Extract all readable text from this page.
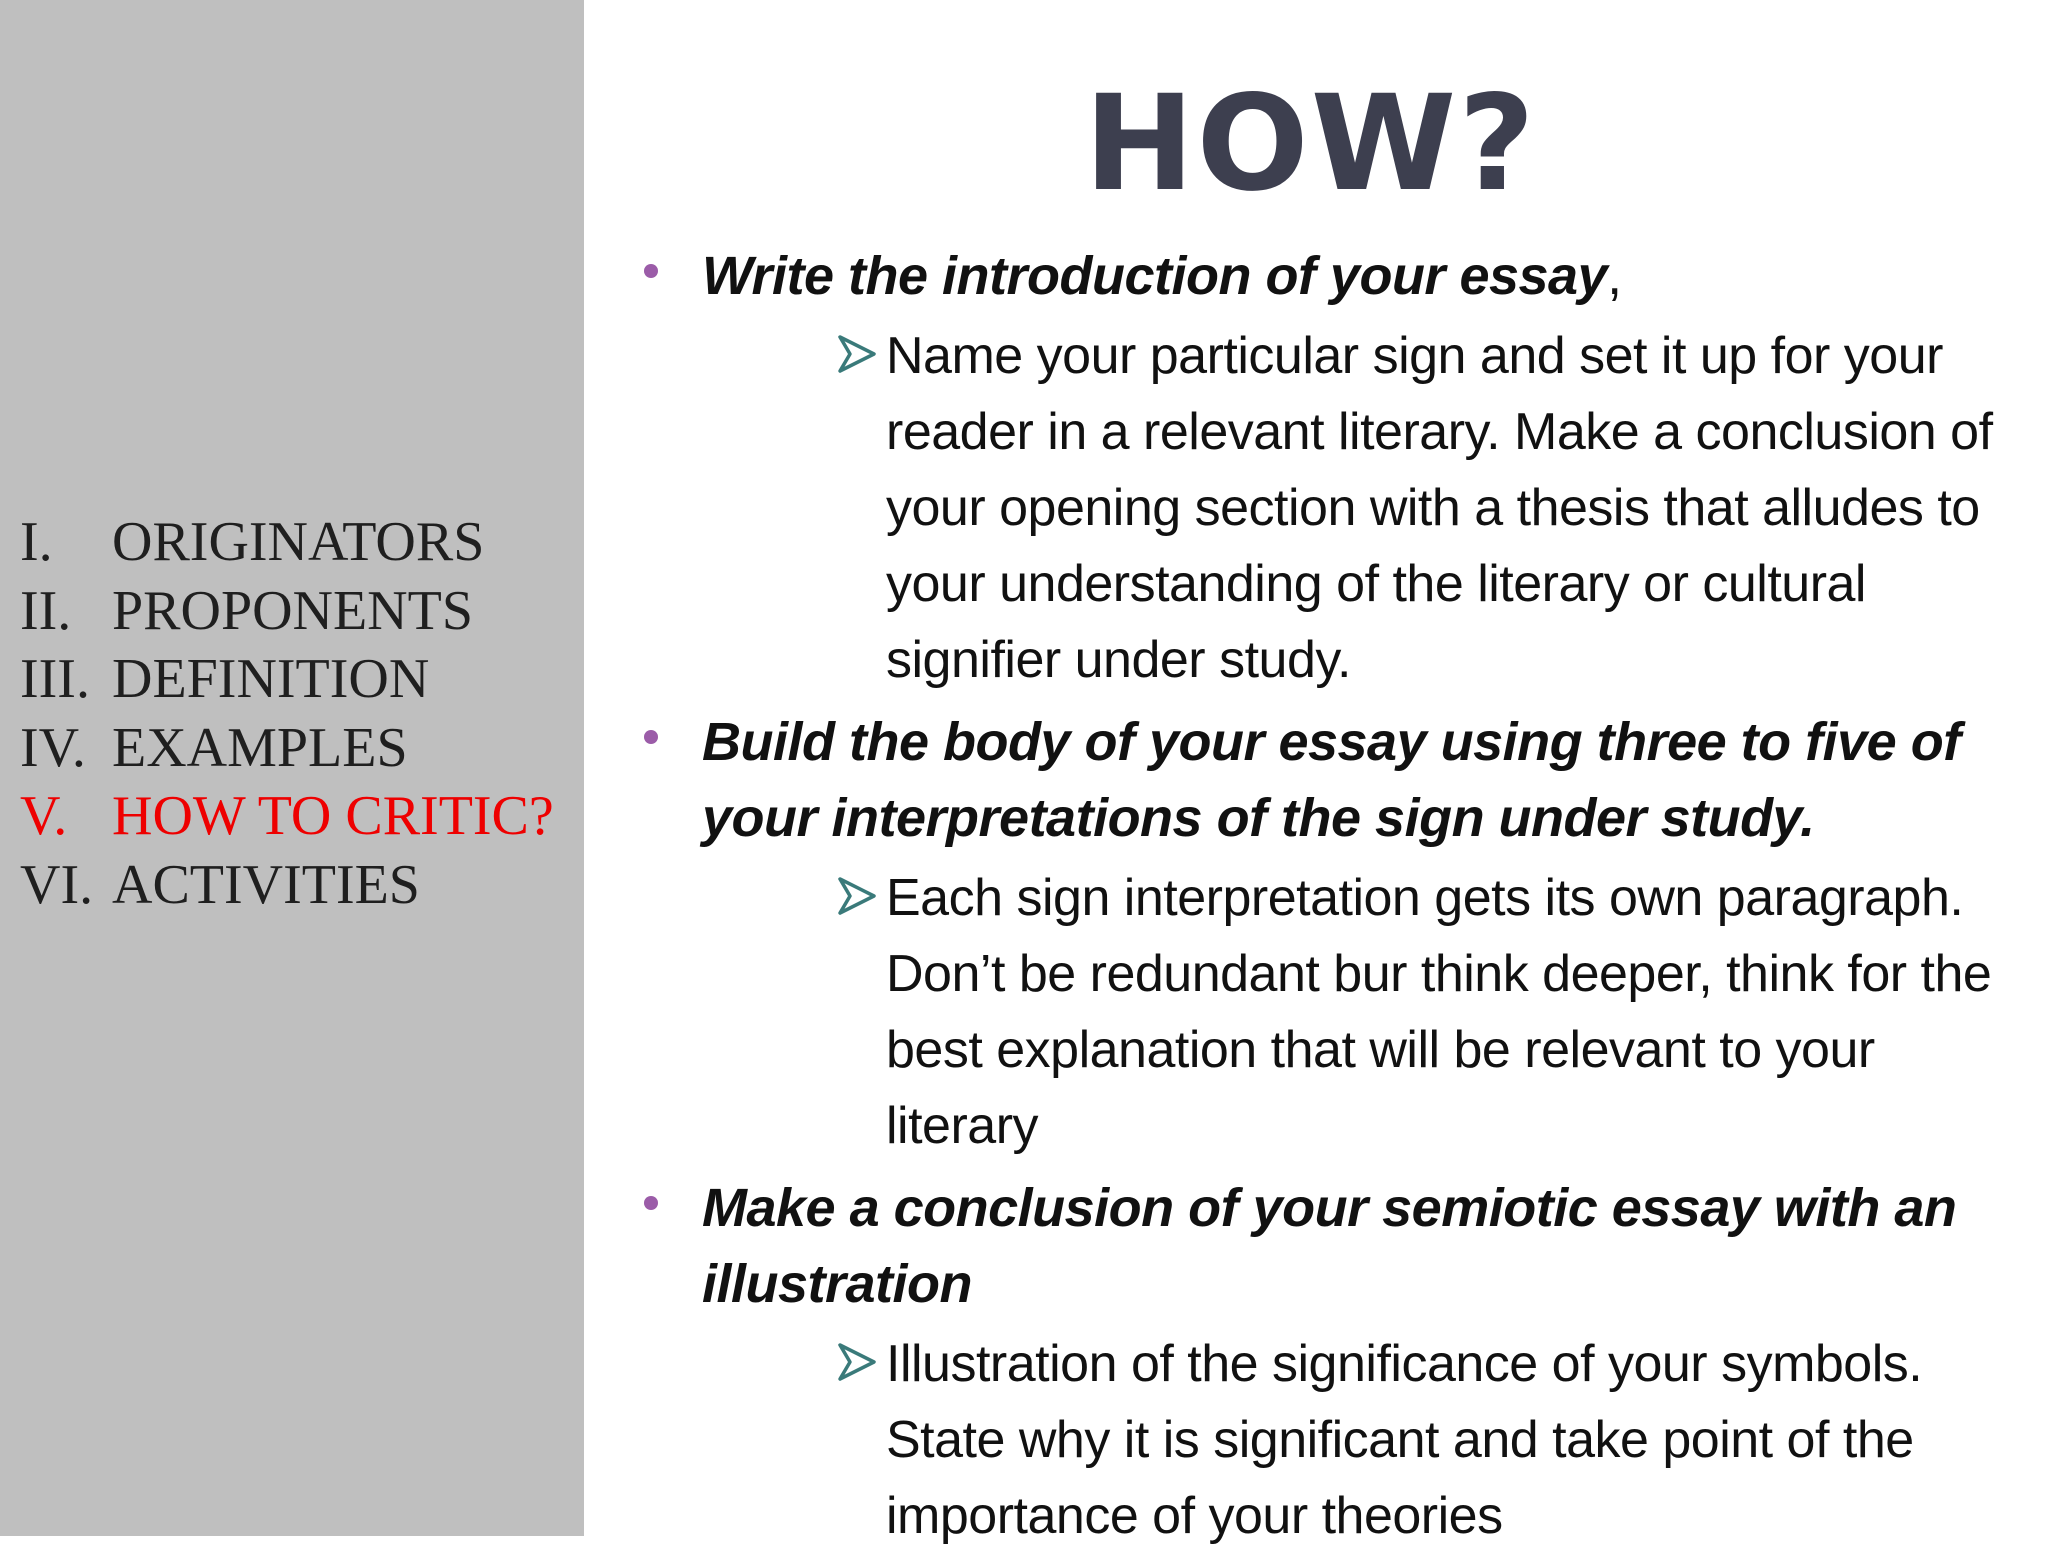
I. ORIGINATORS
II. PROPONENTS
III. DEFINITION
IV. EXAMPLES
V. HOW TO CRITIC?
VI. ACTIVITIES
HOW?
Write the introduction of your essay,
Name your particular sign and set it up for your reader in a relevant literary. Make a conclusion of your opening section with a thesis that alludes to your understanding of the literary or cultural signifier under study.
Build the body of your essay using three to five of your interpretations of the sign under study.
Each sign interpretation gets its own paragraph. Don’t be redundant bur think deeper, think for the best explanation that will be relevant to your literary
Make a conclusion of your semiotic essay with an illustration
Illustration of the significance of your symbols. State why it is significant and take point of the importance of your theories
